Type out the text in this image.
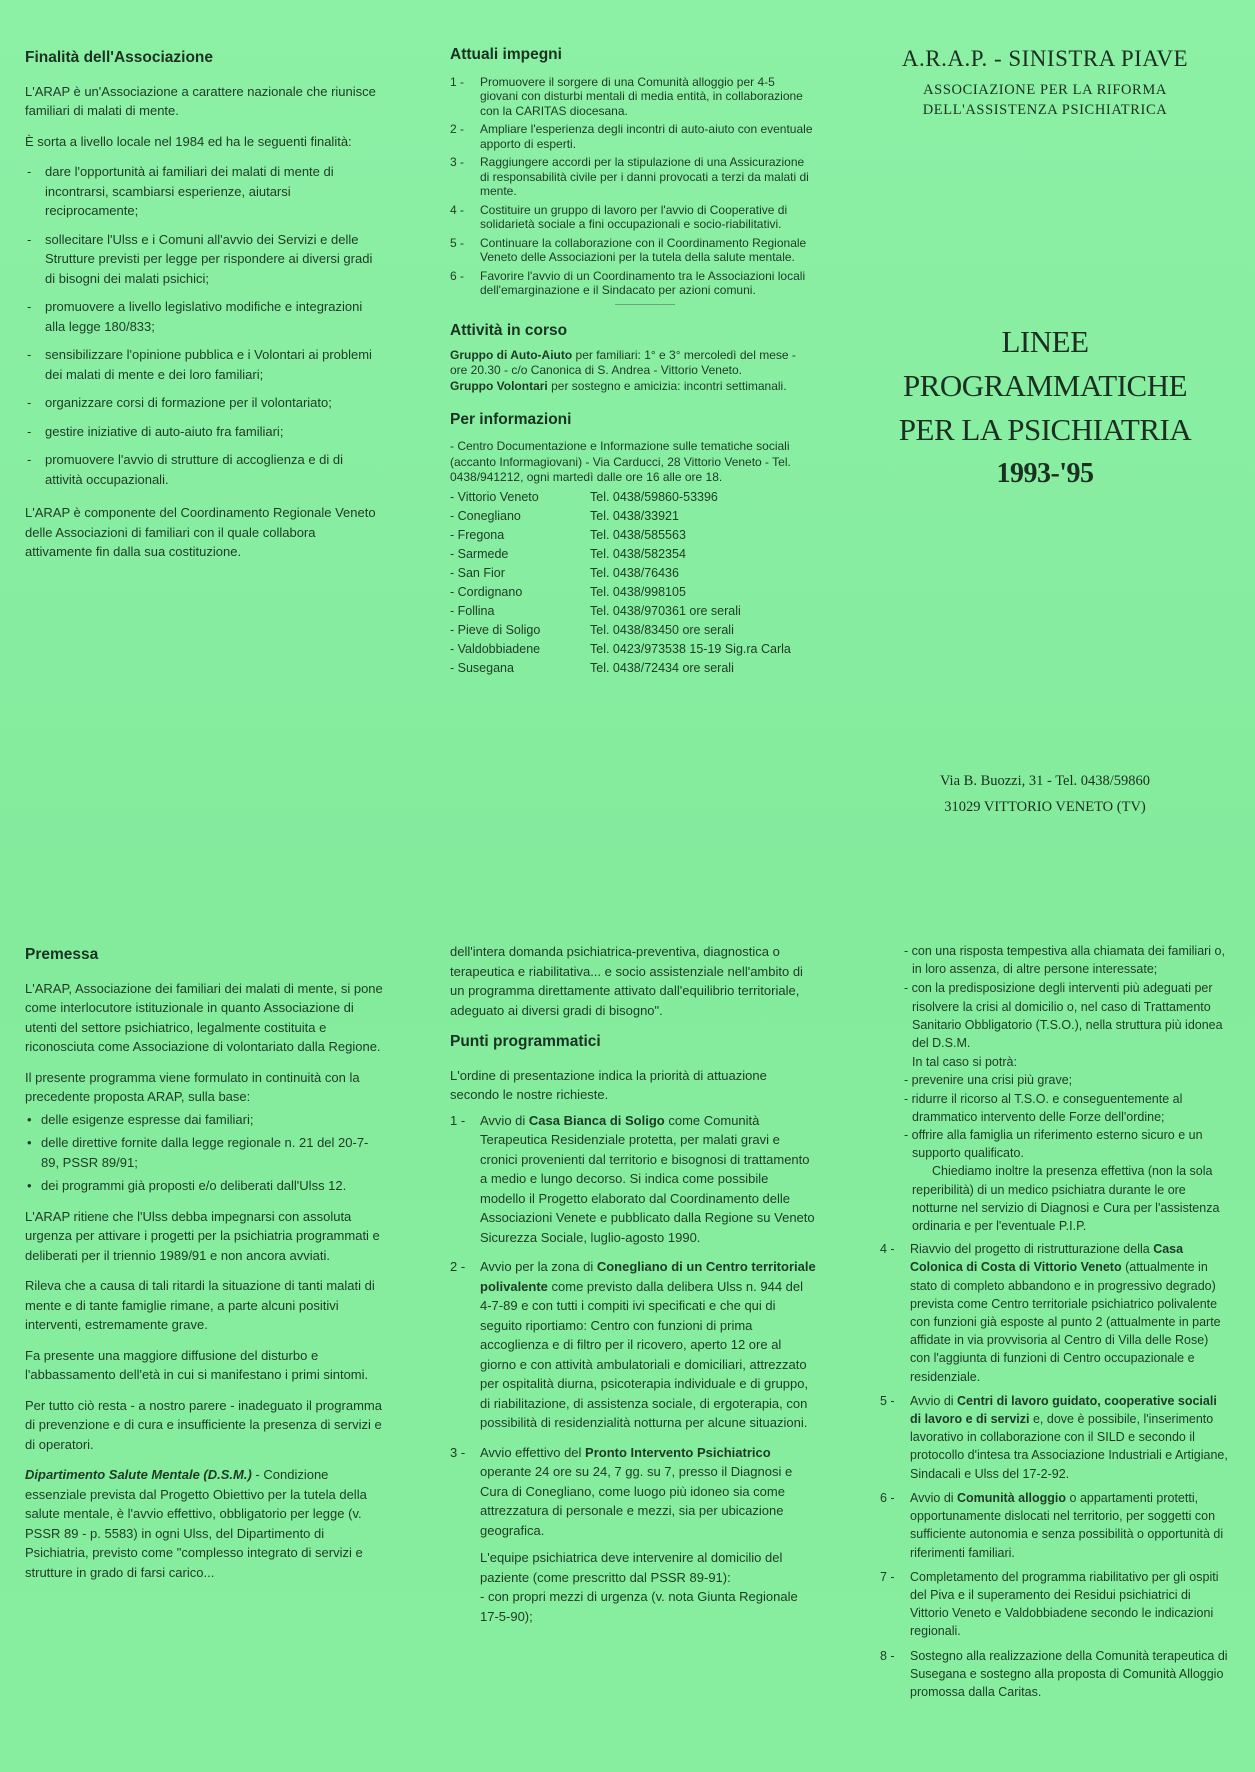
Finalità dell'Associazione

L'ARAP è un'Associazione a carattere nazionale che riunisce familiari di malati di mente.

È sorta a livello locale nel 1984 ed ha le seguenti finalità:

- dare l'opportunità ai familiari dei malati di mente di incontrarsi, scambiarsi esperienze, aiutarsi reciprocamente;
- sollecitare l'Ulss e i Comuni all'avvio dei Servizi e delle Strutture previsti per legge per rispondere ai diversi gradi di bisogni dei malati psichici;
- promuovere a livello legislativo modifiche e integrazioni alla legge 180/833;
- sensibilizzare l'opinione pubblica e i Volontari ai problemi dei malati di mente e dei loro familiari;
- organizzare corsi di formazione per il volontariato;
- gestire iniziative di auto-aiuto fra familiari;
- promuovere l'avvio di strutture di accoglienza e di di attività occupazionali.

L'ARAP è componente del Coordinamento Regionale Veneto delle Associazioni di familiari con il quale collabora attivamente fin dalla sua costituzione.

Attuali impegni
1 - Promuovere il sorgere di una Comunità alloggio per 4-5 giovani con disturbi mentali di media entità, in collaborazione con la CARITAS diocesana.
2 - Ampliare l'esperienza degli incontri di auto-aiuto con eventuale apporto di esperti.
3 - Raggiungere accordi per la stipulazione di una Assicurazione di responsabilità civile per i danni provocati a terzi da malati di mente.
4 - Costituire un gruppo di lavoro per l'avvio di Cooperative di solidarietà sociale a fini occupazionali e socio-riabilitativi.
5 - Continuare la collaborazione con il Coordinamento Regionale Veneto delle Associazioni per la tutela della salute mentale.
6 - Favorire l'avvio di un Coordinamento tra le Associazioni locali dell'emarginazione e il Sindacato per azioni comuni.
Attività in corso

Gruppo di Auto-Aiuto per familiari: 1° e 3° mercoledì del mese - ore 20.30 - c/o Canonica di S. Andrea - Vittorio Veneto.

Gruppo Volontari per sostegno e amicizia: incontri settimanali.

Per informazioni

- Centro Documentazione e Informazione sulle tematiche sociali (accanto Informagiovani) - Via Carducci, 28 Vittorio Veneto - Tel. 0438/941212, ogni martedì dalle ore 16 alle ore 18.

- Vittorio Veneto	Tel. 0438/59860-53396
- Conegliano	Tel. 0438/33921
- Fregona	Tel. 0438/585563
- Sarmede	Tel. 0438/582354
- San Fior	Tel. 0438/76436
- Cordignano	Tel. 0438/998105
- Follina	Tel. 0438/970361 ore serali
- Pieve di Soligo	Tel. 0438/83450 ore serali
- Valdobbiadene	Tel. 0423/973538 15-19 Sig.ra Carla
- Susegana	Tel. 0438/72434 ore serali
A.R.A.P. - SINISTRA PIAVE
ASSOCIAZIONE PER LA RIFORMA
DELL'ASSISTENZA PSICHIATRICA
LINEE
PROGRAMMATICHE
PER LA PSICHIATRIA
1993-'95
Via B. Buozzi, 31 - Tel. 0438/59860
31029 VITTORIO VENETO (TV)
Premessa

L'ARAP, Associazione dei familiari dei malati di mente, si pone come interlocutore istituzionale in quanto Associazione di utenti del settore psichiatrico, legalmente costituita e riconosciuta come Associazione di volontariato dalla Regione.

Il presente programma viene formulato in continuità con la precedente proposta ARAP, sulla base:

• delle esigenze espresse dai familiari;
• delle direttive fornite dalla legge regionale n. 21 del 20-7-89, PSSR 89/91;
• dei programmi già proposti e/o deliberati dall'Ulss 12.

L'ARAP ritiene che l'Ulss debba impegnarsi con assoluta urgenza per attivare i progetti per la psichiatria programmati e deliberati per il triennio 1989/91 e non ancora avviati.

Rileva che a causa di tali ritardi la situazione di tanti malati di mente e di tante famiglie rimane, a parte alcuni positivi interventi, estremamente grave.

Fa presente una maggiore diffusione del disturbo e l'abbassamento dell'età in cui si manifestano i primi sintomi.

Per tutto ciò resta - a nostro parere - inadeguato il programma di prevenzione e di cura e insufficiente la presenza di servizi e di operatori.

Dipartimento Salute Mentale (D.S.M.) - Condizione essenziale prevista dal Progetto Obiettivo per la tutela della salute mentale, è l'avvio effettivo, obbligatorio per legge (v. PSSR 89 - p. 5583) in ogni Ulss, del Dipartimento di Psichiatria, previsto come "complesso integrato di servizi e strutture in grado di farsi carico...

dell'intera domanda psichiatrica-preventiva, diagnostica o terapeutica e riabilitativa... e socio assistenziale nell'ambito di un programma direttamente attivato dall'equilibrio territoriale, adeguato ai diversi gradi di bisogno".

Punti programmatici

L'ordine di presentazione indica la priorità di attuazione secondo le nostre richieste.

1 - Avvio di Casa Bianca di Soligo come Comunità Terapeutica Residenziale protetta, per malati gravi e cronici provenienti dal territorio e bisognosi di trattamento a medio e lungo decorso. Si indica come possibile modello il Progetto elaborato dal Coordinamento delle Associazioni Venete e pubblicato dalla Regione su Veneto Sicurezza Sociale, luglio-agosto 1990.
2 - Avvio per la zona di Conegliano di un Centro territoriale polivalente come previsto dalla delibera Ulss n. 944 del 4-7-89 e con tutti i compiti ivi specificati e che qui di seguito riportiamo: Centro con funzioni di prima accoglienza e di filtro per il ricovero, aperto 12 ore al giorno e con attività ambulatoriali e domiciliari, attrezzato per ospitalità diurna, psicoterapia individuale e di gruppo, di riabilitazione, di assistenza sociale, di ergoterapia, con possibilità di residenzialità notturna per alcune situazioni.
3 - Avvio effettivo del Pronto Intervento Psichiatrico operante 24 ore su 24, 7 gg. su 7, presso il Diagnosi e Cura di Conegliano, come luogo più idoneo sia come attrezzatura di personale e mezzi, sia per ubicazione geografica.
L'equipe psichiatrica deve intervenire al domicilio del paziente (come prescritto dal PSSR 89-91):
- con propri mezzi di urgenza (v. nota Giunta Regionale 17-5-90);
- con una risposta tempestiva alla chiamata dei familiari o, in loro assenza, di altre persone interessate;
- con la predisposizione degli interventi più adeguati per risolvere la crisi al domicilio o, nel caso di Trattamento Sanitario Obbligatorio (T.S.O.), nella struttura più idonea del D.S.M.
In tal caso si potrà:
- prevenire una crisi più grave;
- ridurre il ricorso al T.S.O. e conseguentemente al drammatico intervento delle Forze dell'ordine;
- offrire alla famiglia un riferimento esterno sicuro e un supporto qualificato.
Chiediamo inoltre la presenza effettiva (non la sola reperibilità) di un medico psichiatra durante le ore notturne nel servizio di Diagnosi e Cura per l'assistenza ordinaria e per l'eventuale P.I.P.
4 - Riavvio del progetto di ristrutturazione della Casa Colonica di Costa di Vittorio Veneto (attualmente in stato di completo abbandono e in progressivo degrado) prevista come Centro territoriale psichiatrico polivalente con funzioni già esposte al punto 2 (attualmente in parte affidate in via provvisoria al Centro di Villa delle Rose) con l'aggiunta di funzioni di Centro occupazionale e residenziale.
5 - Avvio di Centri di lavoro guidato, cooperative sociali di lavoro e di servizi e, dove è possibile, l'inserimento lavorativo in collaborazione con il SILD e secondo il protocollo d'intesa tra Associazione Industriali e Artigiane, Sindacali e Ulss del 17-2-92.
6 - Avvio di Comunità alloggio o appartamenti protetti, opportunamente dislocati nel territorio, per soggetti con sufficiente autonomia e senza possibilità o opportunità di riferimenti familiari.
7 - Completamento del programma riabilitativo per gli ospiti del Piva e il superamento dei Residui psichiatrici di Vittorio Veneto e Valdobbiadene secondo le indicazioni regionali.
8 - Sostegno alla realizzazione della Comunità terapeutica di Susegana e sostegno alla proposta di Comunità Alloggio promossa dalla Caritas.
